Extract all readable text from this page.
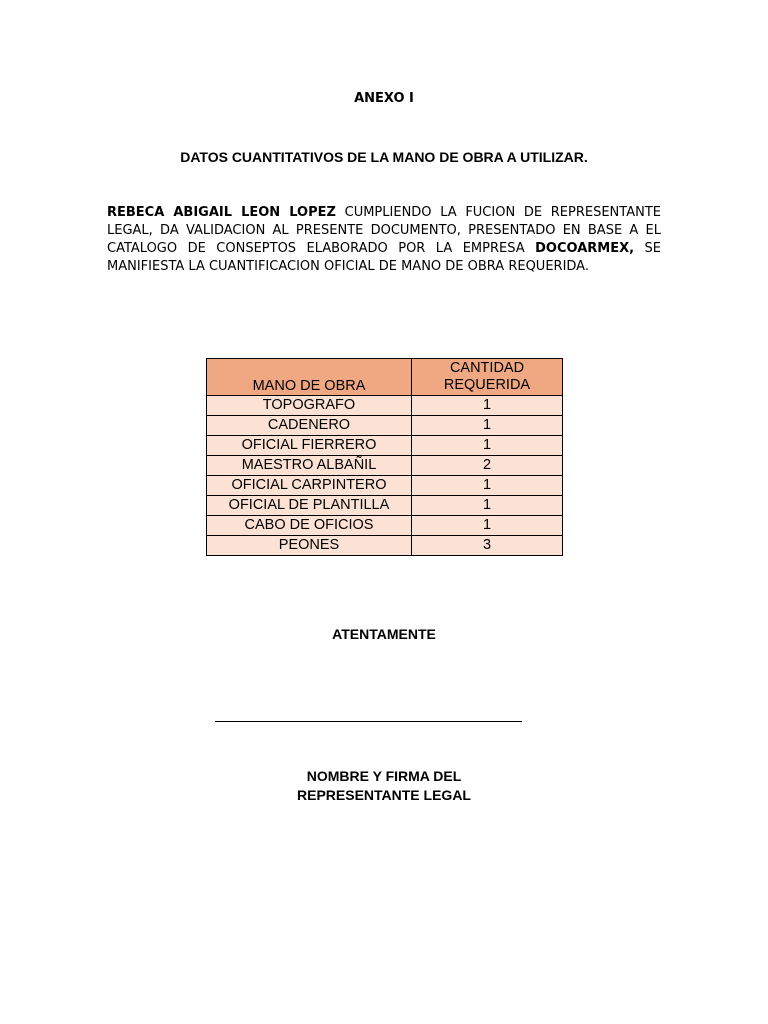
ANEXO I
DATOS CUANTITATIVOS DE LA MANO DE OBRA A UTILIZAR.
REBECA ABIGAIL LEON LOPEZ CUMPLIENDO LA FUCION DE REPRESENTANTE LEGAL, DA VALIDACION AL PRESENTE DOCUMENTO, PRESENTADO EN BASE A EL CATALOGO DE CONSEPTOS ELABORADO POR LA EMPRESA DOCOARMEX, SE MANIFIESTA LA CUANTIFICACION OFICIAL DE MANO DE OBRA REQUERIDA.
MANO DE OBRA	CANTIDAD REQUERIDA
TOPOGRAFO	1
CADENERO	1
OFICIAL FIERRERO	1
MAESTRO ALBAÑIL	2
OFICIAL CARPINTERO	1
OFICIAL DE PLANTILLA	1
CABO DE OFICIOS	1
PEONES	3
ATENTAMENTE
NOMBRE Y FIRMA DEL
REPRESENTANTE LEGAL
